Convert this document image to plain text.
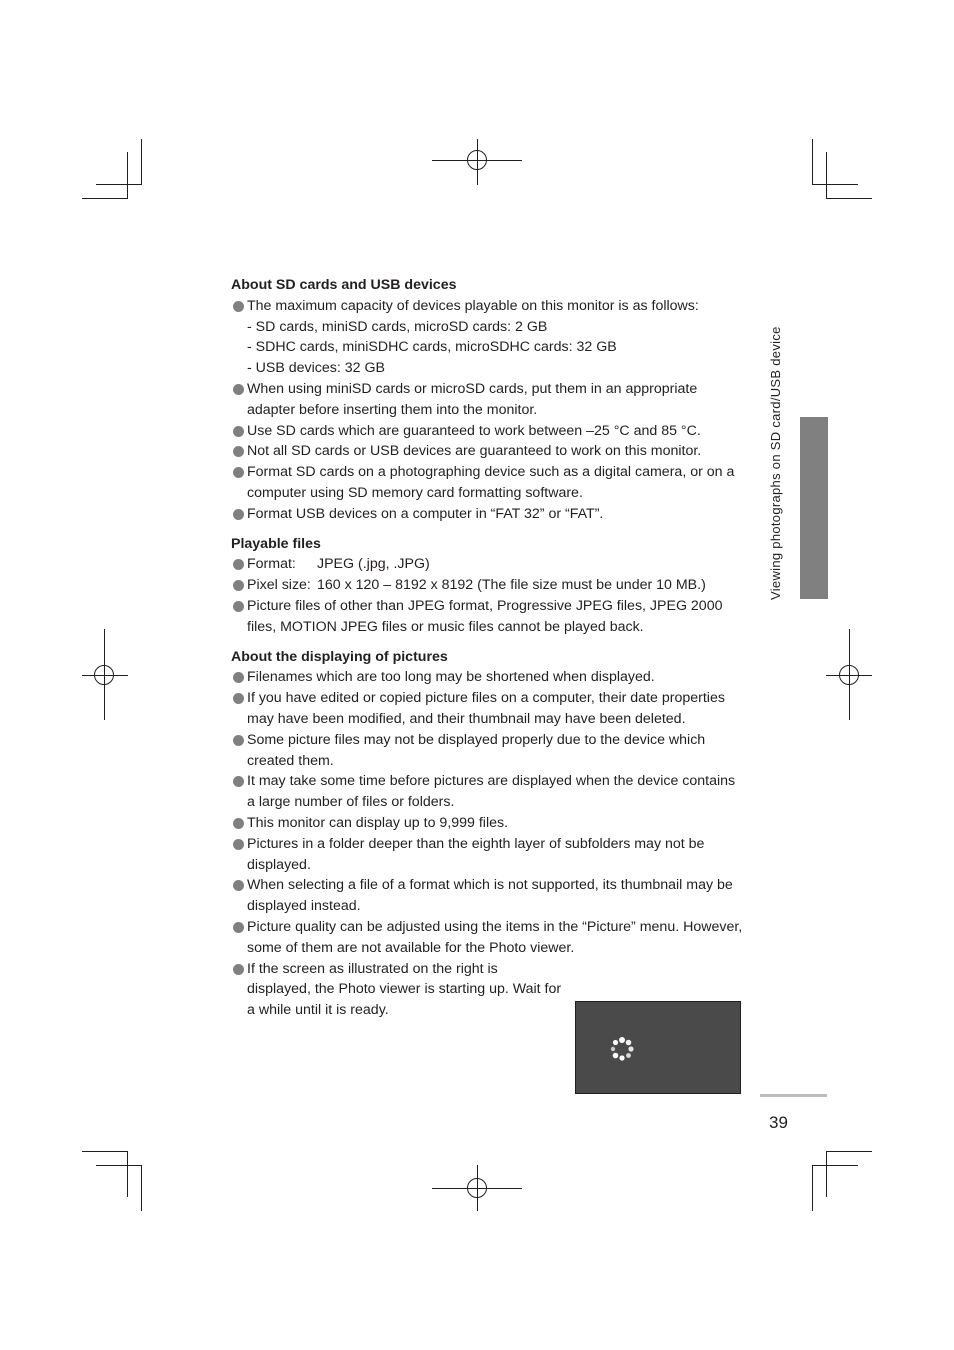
About SD cards and USB devices
The maximum capacity of devices playable on this monitor is as follows:
- SD cards, miniSD cards, microSD cards: 2 GB
- SDHC cards, miniSDHC cards, microSDHC cards: 32 GB
- USB devices: 32 GB
When using miniSD cards or microSD cards, put them in an appropriate adapter before inserting them into the monitor.
Use SD cards which are guaranteed to work between –25 °C and 85 °C.
Not all SD cards or USB devices are guaranteed to work on this monitor.
Format SD cards on a photographing device such as a digital camera, or on a computer using SD memory card formatting software.
Format USB devices on a computer in “FAT 32” or “FAT”.
Playable files
Format: JPEG (.jpg, .JPG)
Pixel size: 160 x 120 – 8192 x 8192 (The file size must be under 10 MB.)
Picture files of other than JPEG format, Progressive JPEG files, JPEG 2000 files, MOTION JPEG files or music files cannot be played back.
About the displaying of pictures
Filenames which are too long may be shortened when displayed.
If you have edited or copied picture files on a computer, their date properties may have been modified, and their thumbnail may have been deleted.
Some picture files may not be displayed properly due to the device which created them.
It may take some time before pictures are displayed when the device contains a large number of files or folders.
This monitor can display up to 9,999 files.
Pictures in a folder deeper than the eighth layer of subfolders may not be displayed.
When selecting a file of a format which is not supported, its thumbnail may be displayed instead.
Picture quality can be adjusted using the items in the “Picture” menu. However, some of them are not available for the Photo viewer.
If the screen as illustrated on the right is displayed, the Photo viewer is starting up. Wait for a while until it is ready.
Viewing photographs on SD card/USB device
39
